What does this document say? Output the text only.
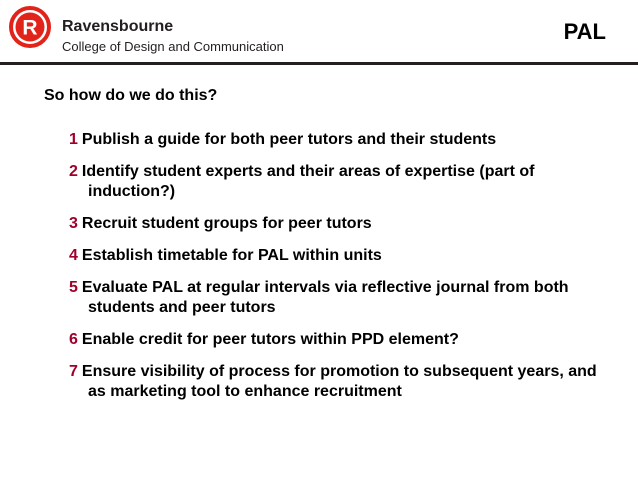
R Ravensbourne
College of Design and Communication
PAL
So how do we do this?
1 Publish a guide for both peer tutors and their students
2 Identify student experts and their areas of expertise (part of induction?)
3 Recruit student groups for peer tutors
4 Establish timetable for PAL within units
5 Evaluate PAL at regular intervals via reflective journal from both students and peer tutors
6 Enable credit for peer tutors within PPD element?
7 Ensure visibility of process for promotion to subsequent years, and as marketing tool to enhance recruitment
